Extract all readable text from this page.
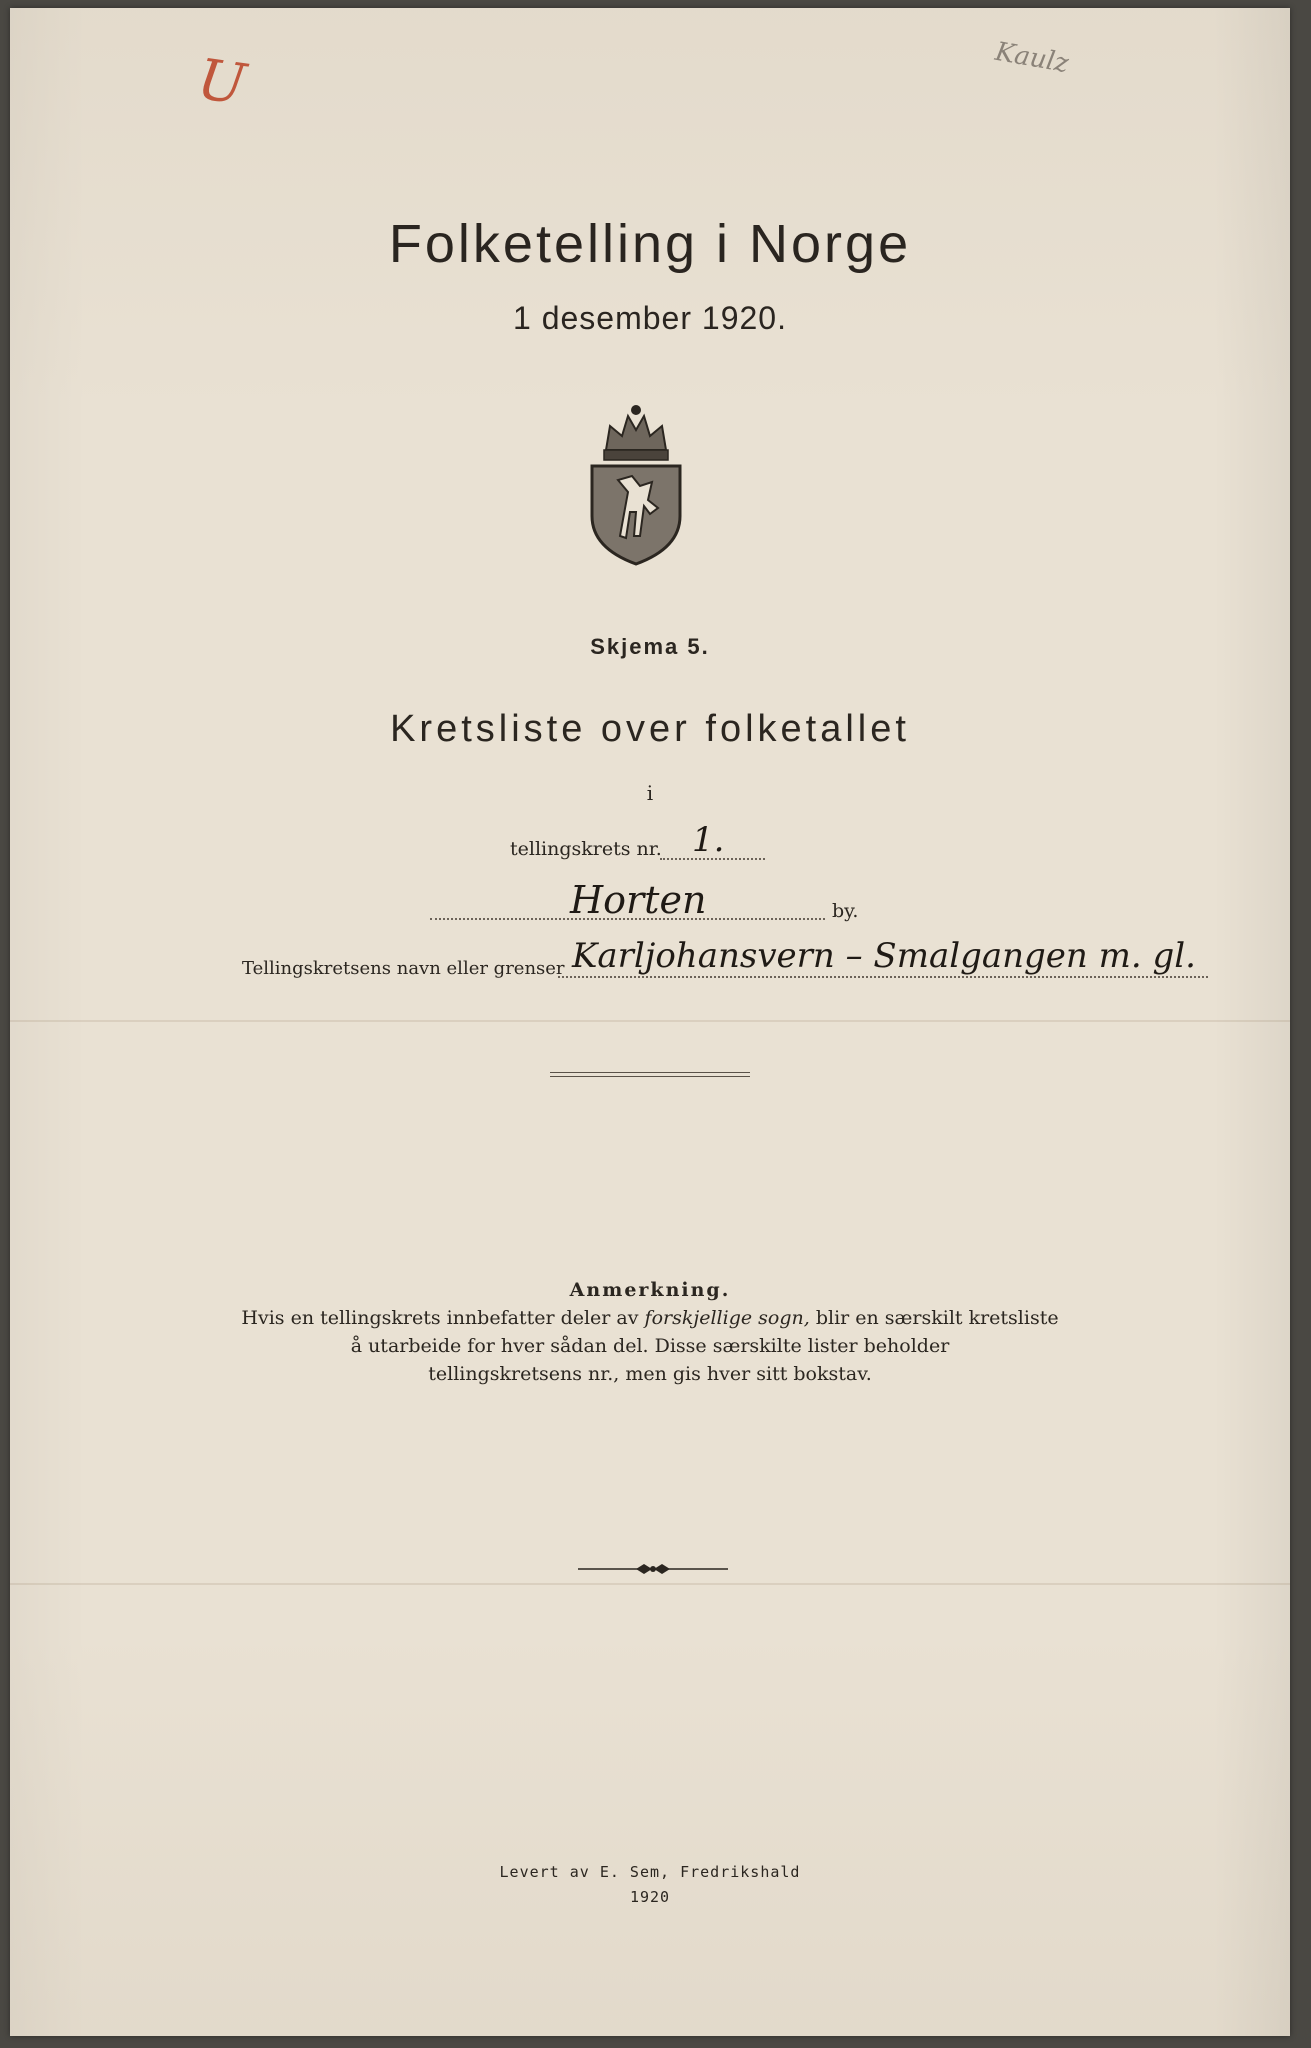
U	Kaulz
Folketelling i Norge
1 desember 1920.
Skjema 5.
Kretsliste over folketallet
i
tellingskrets nr. 1.
Horten	by.
Tellingskretsens navn eller grenser Karljohansvern – Smalgangen m. gl.
Anmerkning.
Hvis en tellingskrets innbefatter deler av forskjellige sogn, blir en særskilt kretsliste
å utarbeide for hver sådan del. Disse særskilte lister beholder
tellingskretsens nr., men gis hver sitt bokstav.
Levert av E. Sem, Fredrikshald
1920
